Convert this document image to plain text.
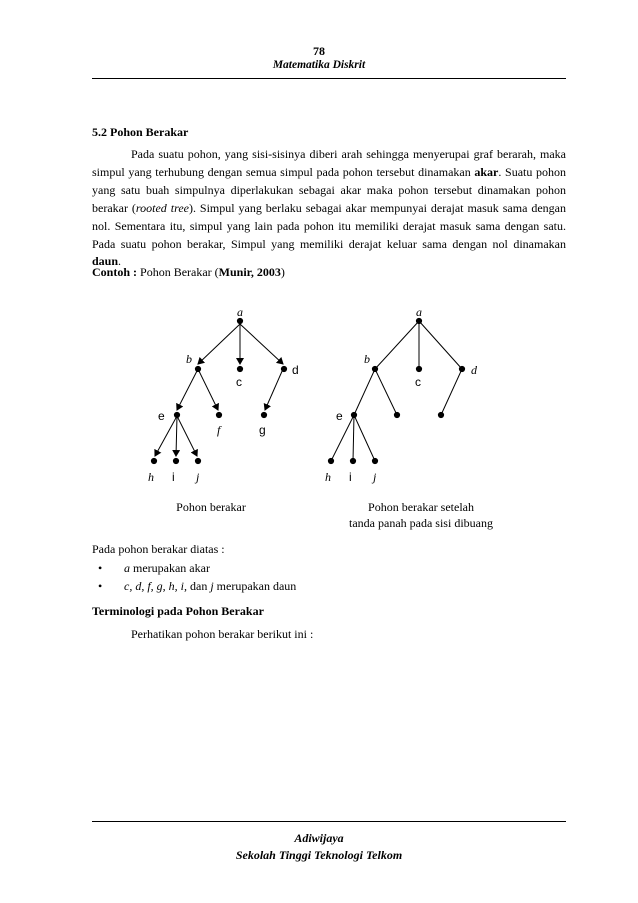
78
Matematika Diskrit
5.2 Pohon Berakar
Pada suatu pohon, yang sisi-sisinya diberi arah sehingga menyerupai graf berarah, maka simpul yang terhubung dengan semua simpul pada pohon tersebut dinamakan akar. Suatu pohon yang satu buah simpulnya diperlakukan sebagai akar maka pohon tersebut dinamakan pohon berakar (rooted tree). Simpul yang berlaku sebagai akar mempunyai derajat masuk sama dengan nol. Sementara itu, simpul yang lain pada pohon itu memiliki derajat masuk sama dengan satu. Pada suatu pohon berakar, Simpul yang memiliki derajat keluar sama dengan nol dinamakan daun.
Contoh : Pohon Berakar (Munir, 2003)
a
b
c
d
e
f	g
h i j
Pohon berakar
a
b
c
d
e
h i j
Pohon berakar setelah
tanda panah pada sisi dibuang
Pada pohon berakar diatas :
• a merupakan akar
• c, d, f, g, h, i, dan j merupakan daun
Terminologi pada Pohon Berakar
Perhatikan pohon berakar berikut ini :
Adiwijaya
Sekolah Tinggi Teknologi Telkom
